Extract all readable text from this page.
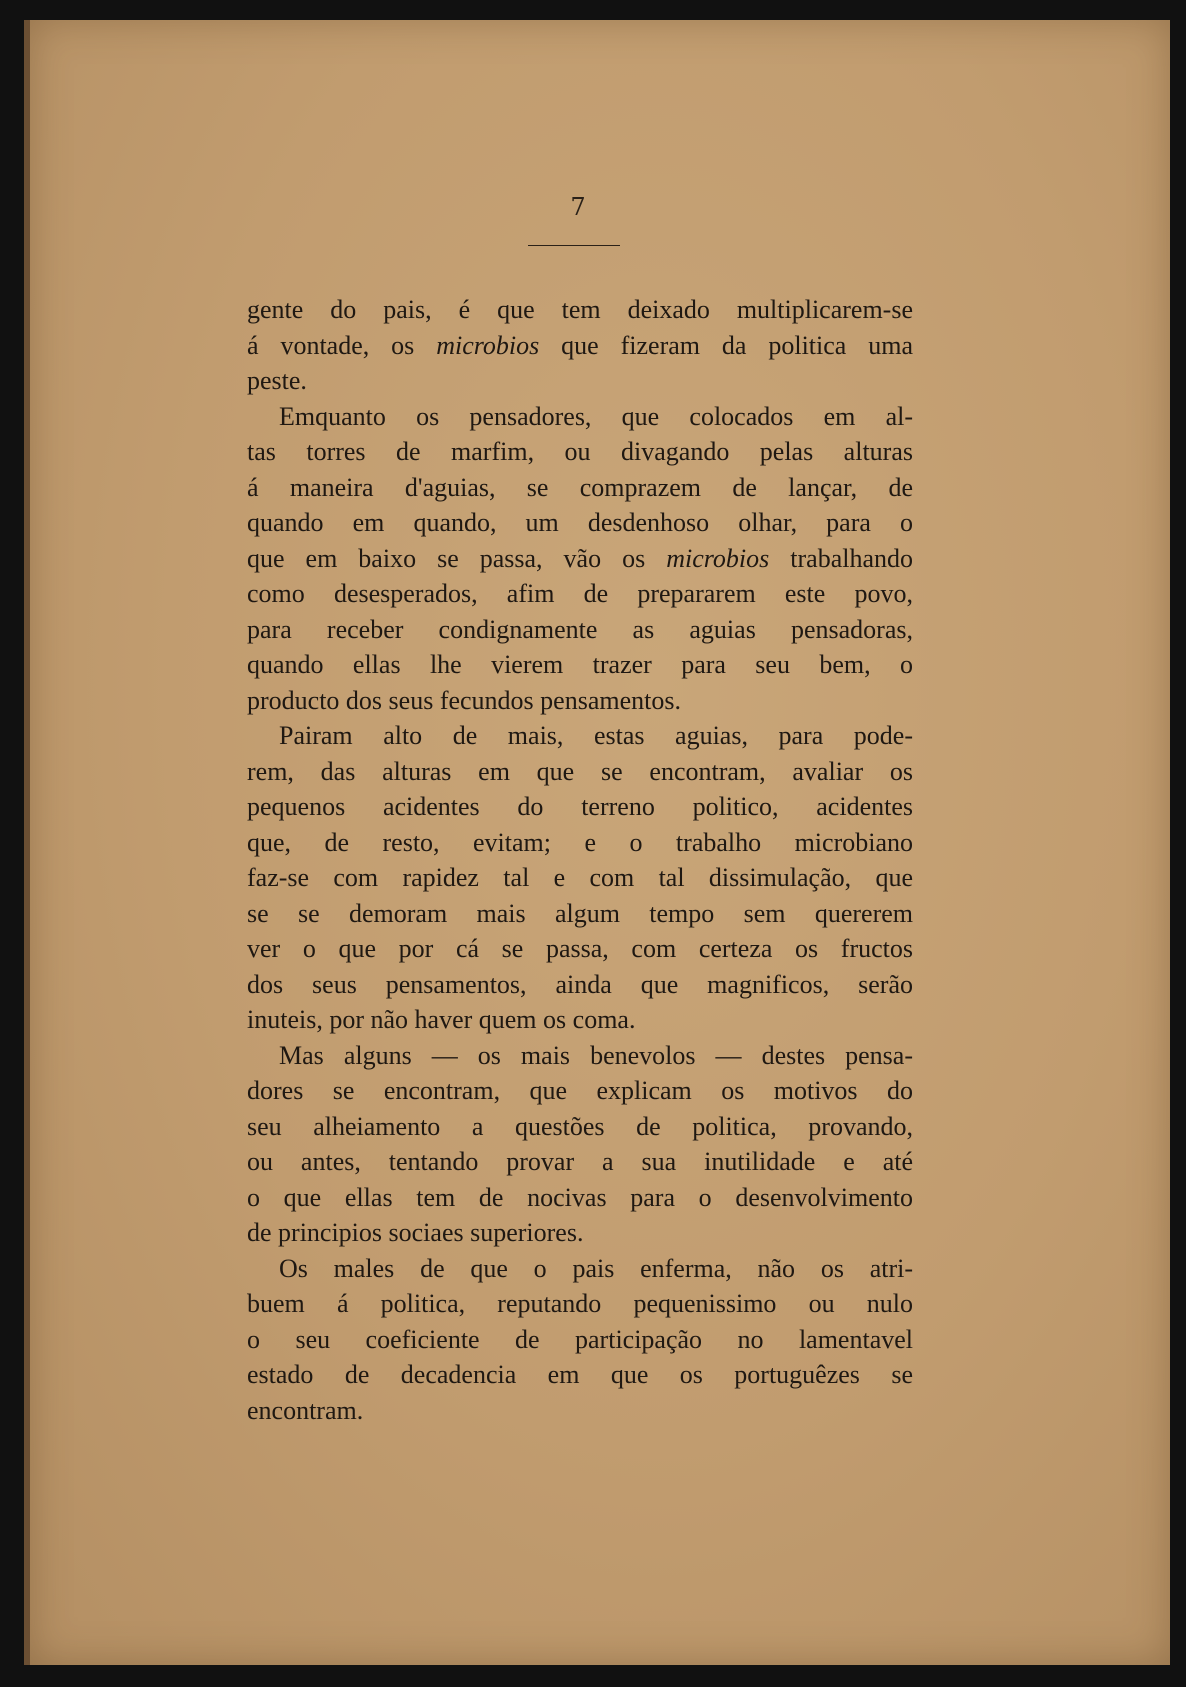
7
gente do pais, é que tem deixado multiplicarem-se
á vontade, os microbios que fizeram da politica uma
peste.
Emquanto os pensadores, que colocados em al-
tas torres de marfim, ou divagando pelas alturas
á maneira d'aguias, se comprazem de lançar, de
quando em quando, um desdenhoso olhar, para o
que em baixo se passa, vão os microbios trabalhando
como desesperados, afim de prepararem este povo,
para receber condignamente as aguias pensadoras,
quando ellas lhe vierem trazer para seu bem, o
producto dos seus fecundos pensamentos.
Pairam alto de mais, estas aguias, para pode-
rem, das alturas em que se encontram, avaliar os
pequenos acidentes do terreno politico, acidentes
que, de resto, evitam; e o trabalho microbiano
faz-se com rapidez tal e com tal dissimulação, que
se se demoram mais algum tempo sem quererem
ver o que por cá se passa, com certeza os fructos
dos seus pensamentos, ainda que magnificos, serão
inuteis, por não haver quem os coma.
Mas alguns — os mais benevolos — destes pensa-
dores se encontram, que explicam os motivos do
seu alheiamento a questões de politica, provando,
ou antes, tentando provar a sua inutilidade e até
o que ellas tem de nocivas para o desenvolvimento
de principios sociaes superiores.
Os males de que o pais enferma, não os atri-
buem á politica, reputando pequenissimo ou nulo
o seu coeficiente de participação no lamentavel
estado de decadencia em que os portuguêzes se
encontram.
